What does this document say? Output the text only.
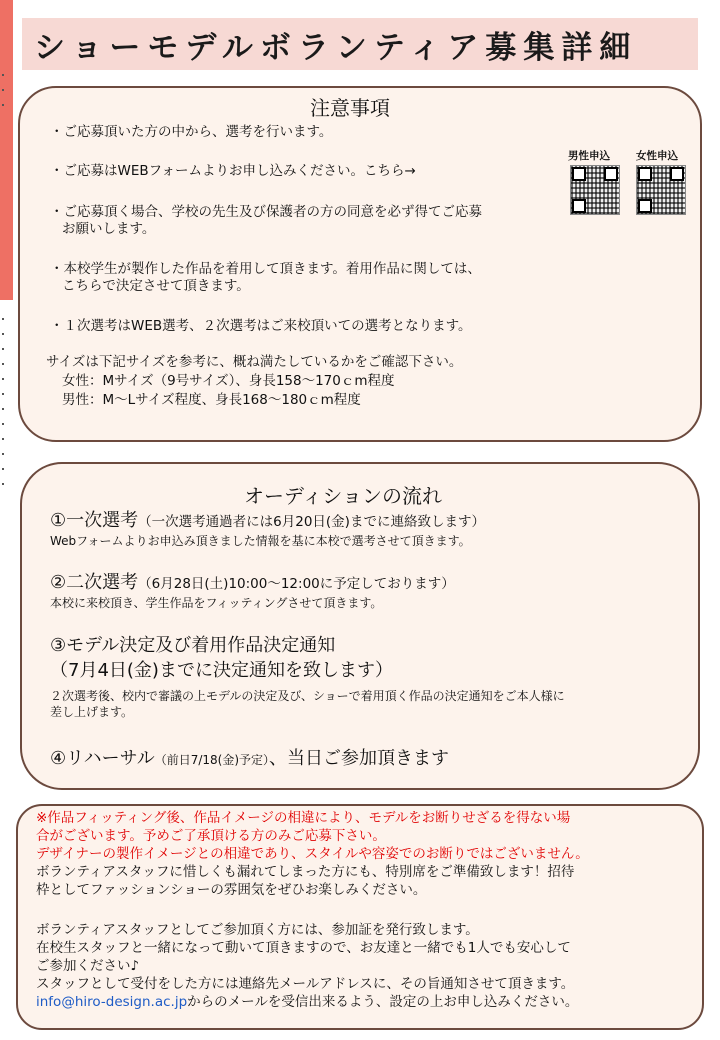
ショーモデルボランティア募集詳細
注意事項
・ご応募頂いた方の中から、選考を行います。
・ご応募はWEBフォームよりお申し込みください。こちら→
・ご応募頂く場合、学校の先生及び保護者の方の同意を必ず得てご応募
お願いします。
・本校学生が製作した作品を着用して頂きます。着用作品に関しては、
こちらで決定させて頂きます。
・１次選考はWEB選考、２次選考はご来校頂いての選考となります。
サイズは下記サイズを参考に、概ね満たしているかをご確認下さい。
女性：Mサイズ（9号サイズ）、身長158～170ｃm程度
男性：M～Lサイズ程度、身長168～180ｃm程度
男性申込 女性申込
オーディションの流れ
①一次選考（一次選考通過者には6月20日(金)までに連絡致します）
Webフォームよりお申込み頂きました情報を基に本校で選考させて頂きます。
②二次選考（6月28日(土)10:00～12:00に予定しております）
本校に来校頂き、学生作品をフィッティングさせて頂きます。
③モデル決定及び着用作品決定通知
（7月4日(金)までに決定通知を致します）
２次選考後、校内で審議の上モデルの決定及び、ショーで着用頂く作品の決定通知をご本人様に
差し上げます。
④リハーサル（前日7/18(金)予定）、当日ご参加頂きます
※作品フィッティング後、作品イメージの相違により、モデルをお断りせざるを得ない場
合がございます。予めご了承頂ける方のみご応募下さい。
デザイナーの製作イメージとの相違であり、スタイルや容姿でのお断りではございません。
ボランティアスタッフに惜しくも漏れてしまった方にも、特別席をご準備致します！招待
枠としてファッションショーの雰囲気をぜひお楽しみください。
ボランティアスタッフとしてご参加頂く方には、参加証を発行致します。
在校生スタッフと一緒になって動いて頂きますので、お友達と一緒でも1人でも安心して
ご参加ください♪
スタッフとして受付をした方には連絡先メールアドレスに、その旨通知させて頂きます。
info@hiro-design.ac.jpからのメールを受信出来るよう、設定の上お申し込みください。
